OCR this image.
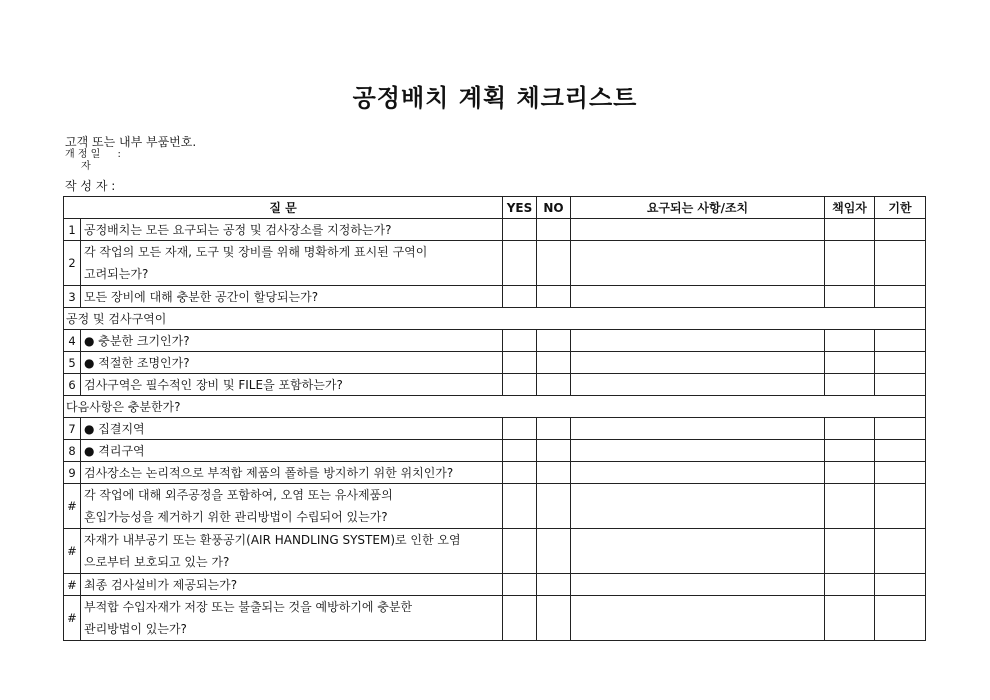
공정배치 계획 체크리스트
고객 또는 내부 부품번호.
개 정 일 :
자
작 성 자 :
질 문		YES	NO	요구되는 사항/조치	책임자	기한
1	공정배치는 모든 요구되는 공정 및 검사장소를 지정하는가?					
2	각 작업의 모든 자재, 도구 및 장비를 위해 명확하게 표시된 구역이
고려되는가?					

3	모든 장비에 대해 충분한 공간이 할당되는가?					
공정 및 검사구역이						
4	● 충분한 크기인가?					
5	● 적절한 조명인가?					
6	검사구역은 필수적인 장비 및 FILE을 포함하는가?					
다음사항은 충분한가?						
7	● 집결지역					
8	● 격리구역					
9	검사장소는 논리적으로 부적합 제품의 폴하를 방지하기 위한 위치인가?					
#	각 작업에 대해 외주공정을 포함하여, 오염 또는 유사제품의
혼입가능성을 제거하기 위한 관리방법이 수립되어 있는가?					

#	자재가 내부공기 또는 환풍공기(AIR HANDLING SYSTEM)로 인한 오염
으로부터 보호되고 있는 가?					

#	최종 검사설비가 제공되는가?					
#	부적합 수입자재가 저장 또는 불출되는 것을 예방하기에 충분한
관리방법이 있는가?					
